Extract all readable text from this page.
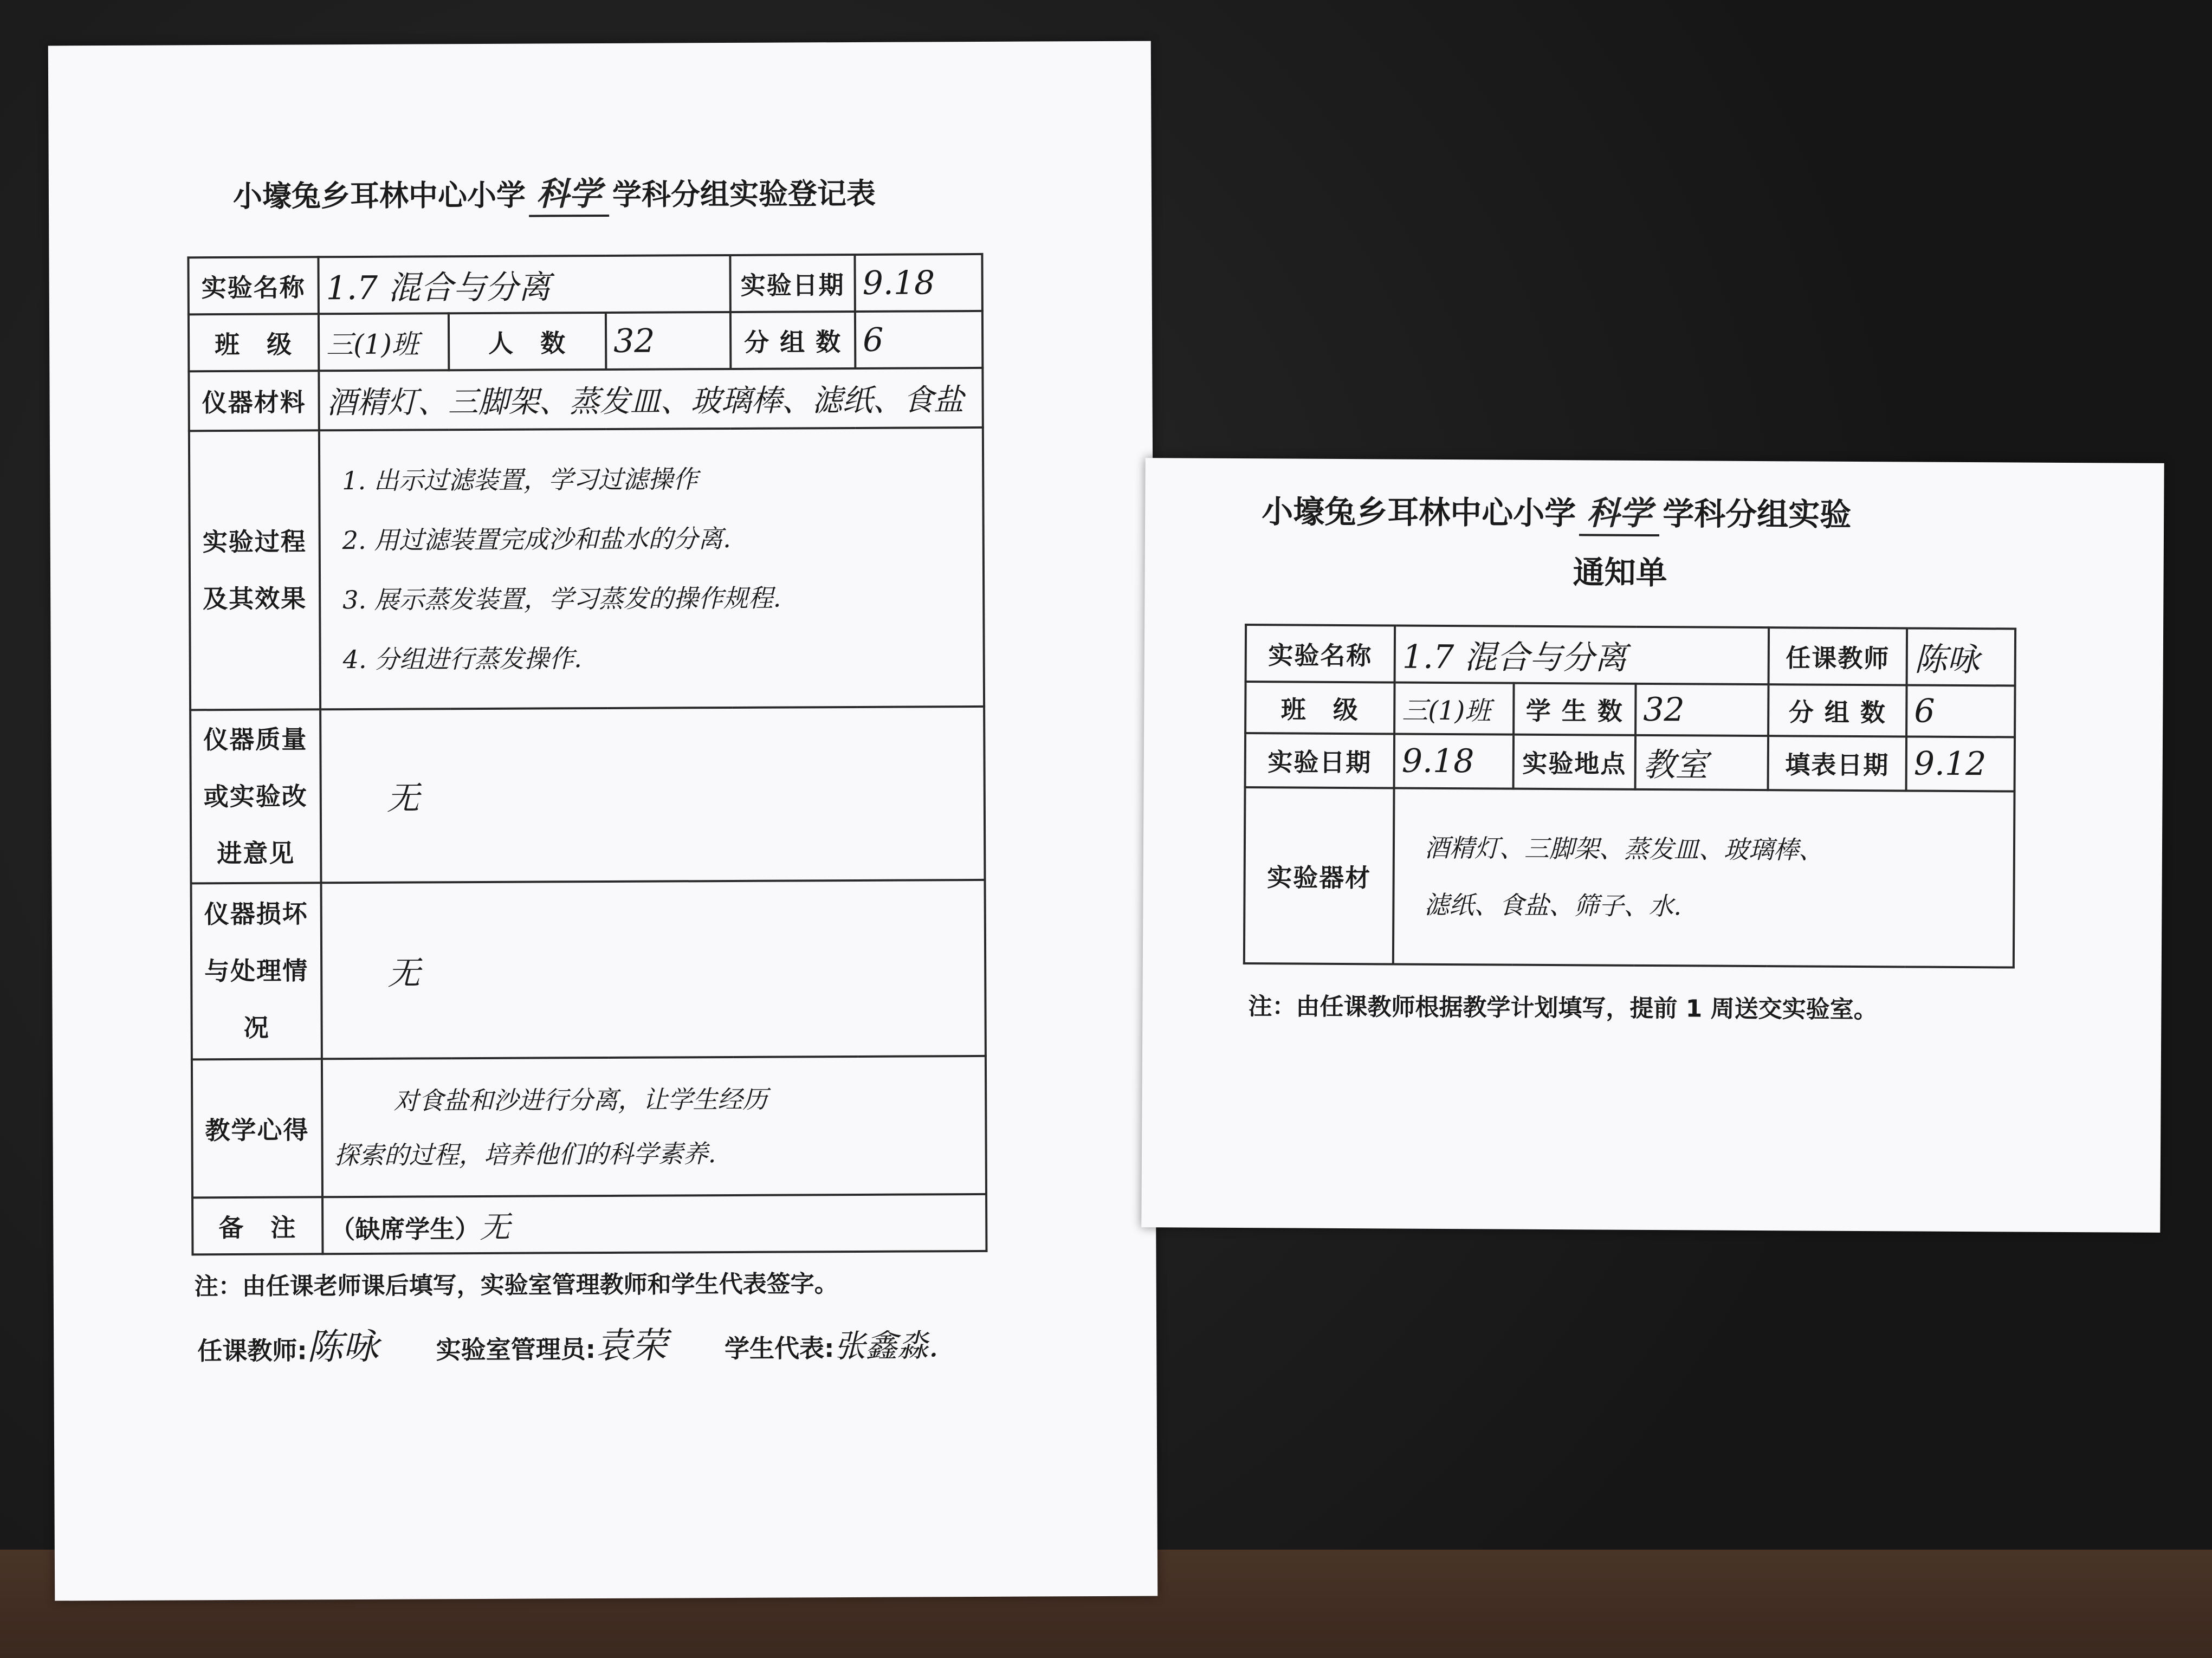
小壕兔乡耳林中心小学 科学 学科分组实验登记表
实验名称	1.7 混合与分离			实验日期	9.18
班　级	三(1)班	人　数	32	分 组 数	6
仪器材料	酒精灯、三脚架、蒸发皿、玻璃棒、滤纸、食盐				
实验过程及其效果	1. 出示过滤装置，学习过滤操作
2. 用过滤装置完成沙和盐水的分离.
3. 展示蒸发装置，学习蒸发的操作规程.
4. 分组进行蒸发操作.				

仪器质量或实验改进意见	无				
仪器损坏与处理情况	无				
教学心得	对食盐和沙进行分离，让学生经历
探索的过程，培养他们的科学素养.				

备　注	（缺席学生）无				
注：由任课老师课后填写，实验室管理教师和学生代表签字。
任课教师:陈咏 实验室管理员:袁荣 学生代表:张鑫淼.
小壕兔乡耳林中心小学 科学 学科分组实验
通知单
实验名称	1.7 混合与分离			任课教师	陈咏
班　级	三(1)班	学 生 数	32	分 组 数	6
实验日期	9.18	实验地点	教室	填表日期	9.12
实验器材	酒精灯、三脚架、蒸发皿、玻璃棒、
滤纸、食盐、筛子、水.				
注：由任课教师根据教学计划填写，提前 1 周送交实验室。
